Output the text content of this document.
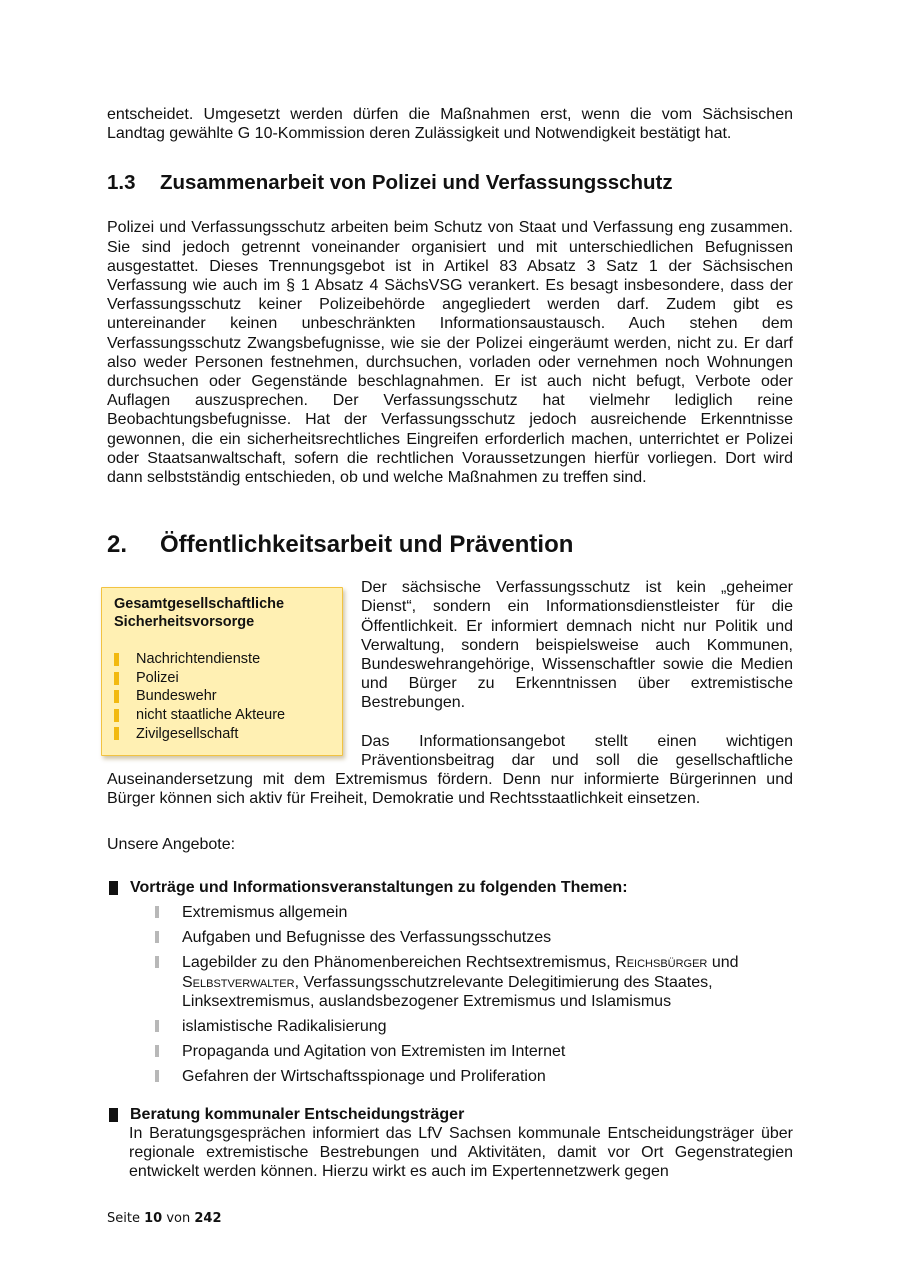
entscheidet. Umgesetzt werden dürfen die Maßnahmen erst, wenn die vom Sächsischen Landtag gewählte G 10-Kommission deren Zulässigkeit und Notwendigkeit bestätigt hat.

1.3	Zusammenarbeit von Polizei und Verfassungsschutz

Polizei und Verfassungsschutz arbeiten beim Schutz von Staat und Verfassung eng zusammen. Sie sind jedoch getrennt voneinander organisiert und mit unterschiedlichen Befugnissen ausgestattet. Dieses Trennungsgebot ist in Artikel 83 Absatz 3 Satz 1 der Sächsischen Verfassung wie auch im § 1 Absatz 4 SächsVSG verankert. Es besagt insbesondere, dass der Verfassungsschutz keiner Polizeibehörde angegliedert werden darf. Zudem gibt es untereinander keinen unbeschränkten Informationsaustausch. Auch stehen dem Verfassungsschutz Zwangsbefugnisse, wie sie der Polizei eingeräumt werden, nicht zu. Er darf also weder Personen festnehmen, durchsuchen, vorladen oder vernehmen noch Wohnungen durchsuchen oder Gegenstände beschlagnahmen. Er ist auch nicht befugt, Verbote oder Auflagen auszusprechen. Der Verfassungsschutz hat vielmehr lediglich reine Beobachtungsbefugnisse. Hat der Verfassungsschutz jedoch ausreichende Erkenntnisse gewonnen, die ein sicherheitsrechtliches Eingreifen erforderlich machen, unterrichtet er Polizei oder Staatsanwaltschaft, sofern die rechtlichen Voraussetzungen hierfür vorliegen. Dort wird dann selbstständig entschieden, ob und welche Maßnahmen zu treffen sind.

2.	Öffentlichkeitsarbeit und Prävention
Gesamtgesellschaftliche
Sicherheitsvorsorge
Nachrichtendienste
Polizei
Bundeswehr
nicht staatliche Akteure
Zivilgesellschaft

Der sächsische Verfassungsschutz ist kein „geheimer Dienst“, sondern ein Informationsdienstleister für die Öffentlichkeit. Er informiert demnach nicht nur Politik und Verwaltung, sondern beispielsweise auch Kommunen, Bundeswehrangehörige, Wissenschaftler sowie die Medien und Bürger zu Erkenntnissen über extremistische Bestrebungen.

Das Informationsangebot stellt einen wichtigen Präventionsbeitrag dar und soll die gesellschaftliche Auseinandersetzung mit dem Extremismus fördern. Denn nur informierte Bürgerinnen und Bürger können sich aktiv für Freiheit, Demokratie und Rechtsstaatlichkeit einsetzen.

Unsere Angebote:

Vorträge und Informationsveranstaltungen zu folgenden Themen:
Extremismus allgemein
Aufgaben und Befugnisse des Verfassungsschutzes
Lagebilder zu den Phänomenbereichen Rechtsextremismus, Reichsbürger und Selbstverwalter, Verfassungsschutzrelevante Delegitimierung des Staates, Linksextremismus, auslandsbezogener Extremismus und Islamismus
islamistische Radikalisierung
Propaganda und Agitation von Extremisten im Internet
Gefahren der Wirtschaftsspionage und Proliferation
Beratung kommunaler Entscheidungsträger

In Beratungsgesprächen informiert das LfV Sachsen kommunale Entscheidungsträger über regionale extremistische Bestrebungen und Aktivitäten, damit vor Ort Gegenstrategien entwickelt werden können. Hierzu wirkt es auch im Expertennetzwerk gegen

Seite 10 von 242
